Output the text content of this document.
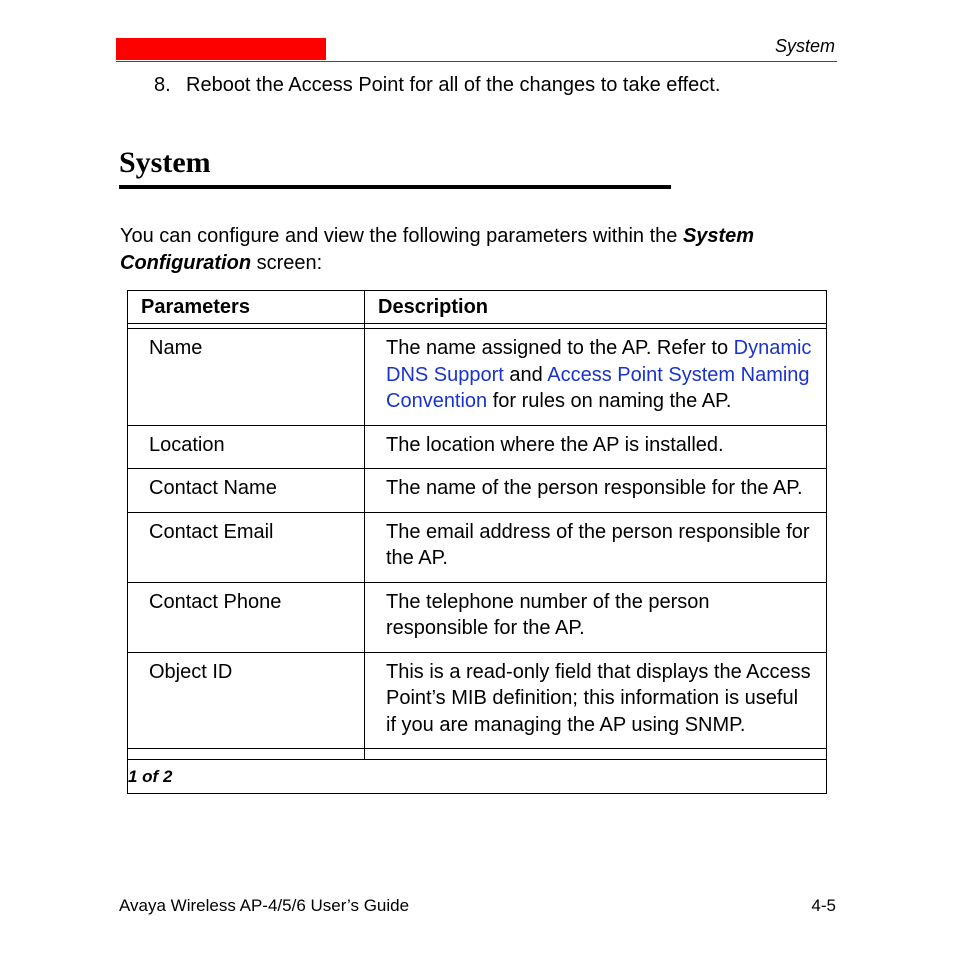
System
8. Reboot the Access Point for all of the changes to take effect.
System
You can configure and view the following parameters within the System Configuration screen:
Parameters	Description

Name	The name assigned to the AP. Refer to Dynamic DNS Support and Access Point System Naming Convention for rules on naming the AP.
Location	The location where the AP is installed.
Contact Name	The name of the person responsible for the AP.
Contact Email	The email address of the person responsible for the AP.
Contact Phone	The telephone number of the person responsible for the AP.
Object ID	This is a read-only field that displays the Access Point’s MIB definition; this information is useful if you are managing the AP using SNMP.

1 of 2	
Avaya Wireless AP-4/5/6 User’s Guide	4-5
